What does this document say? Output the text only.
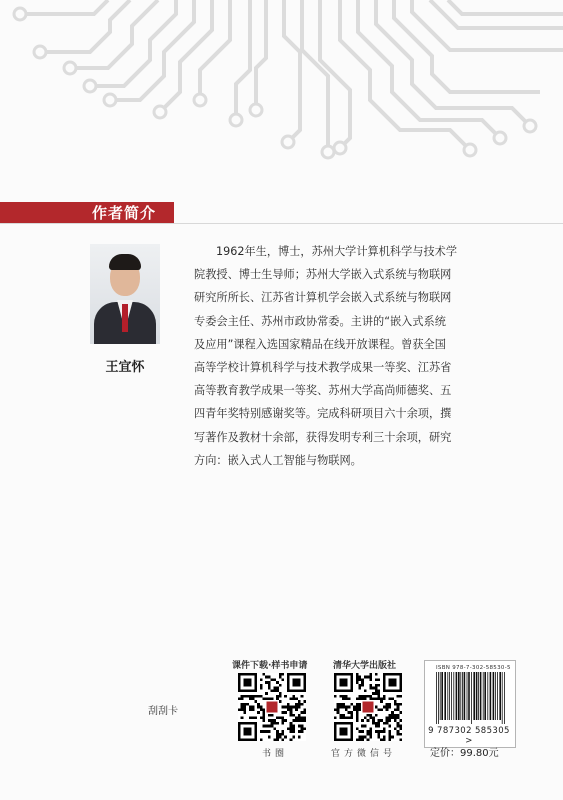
作者简介
王宜怀
1962年生，博士，苏州大学计算机科学与技术学
院教授、博士生导师；苏州大学嵌入式系统与物联网
研究所所长、江苏省计算机学会嵌入式系统与物联网
专委会主任、苏州市政协常委。主讲的“嵌入式系统
及应用”课程入选国家精品在线开放课程。曾获全国
高等学校计算机科学与技术教学成果一等奖、江苏省
高等教育教学成果一等奖、苏州大学高尚师德奖、五
四青年奖特别感谢奖等。完成科研项目六十余项，撰
写著作及教材十余部，获得发明专利三十余项，研究
方向：嵌入式人工智能与物联网。
课件下载·样书申请
书圈
清华大学出版社
官方微信号
刮刮卡
ISBN 978-7-302-58530-5
9 787302 585305 >
定价：99.80元
